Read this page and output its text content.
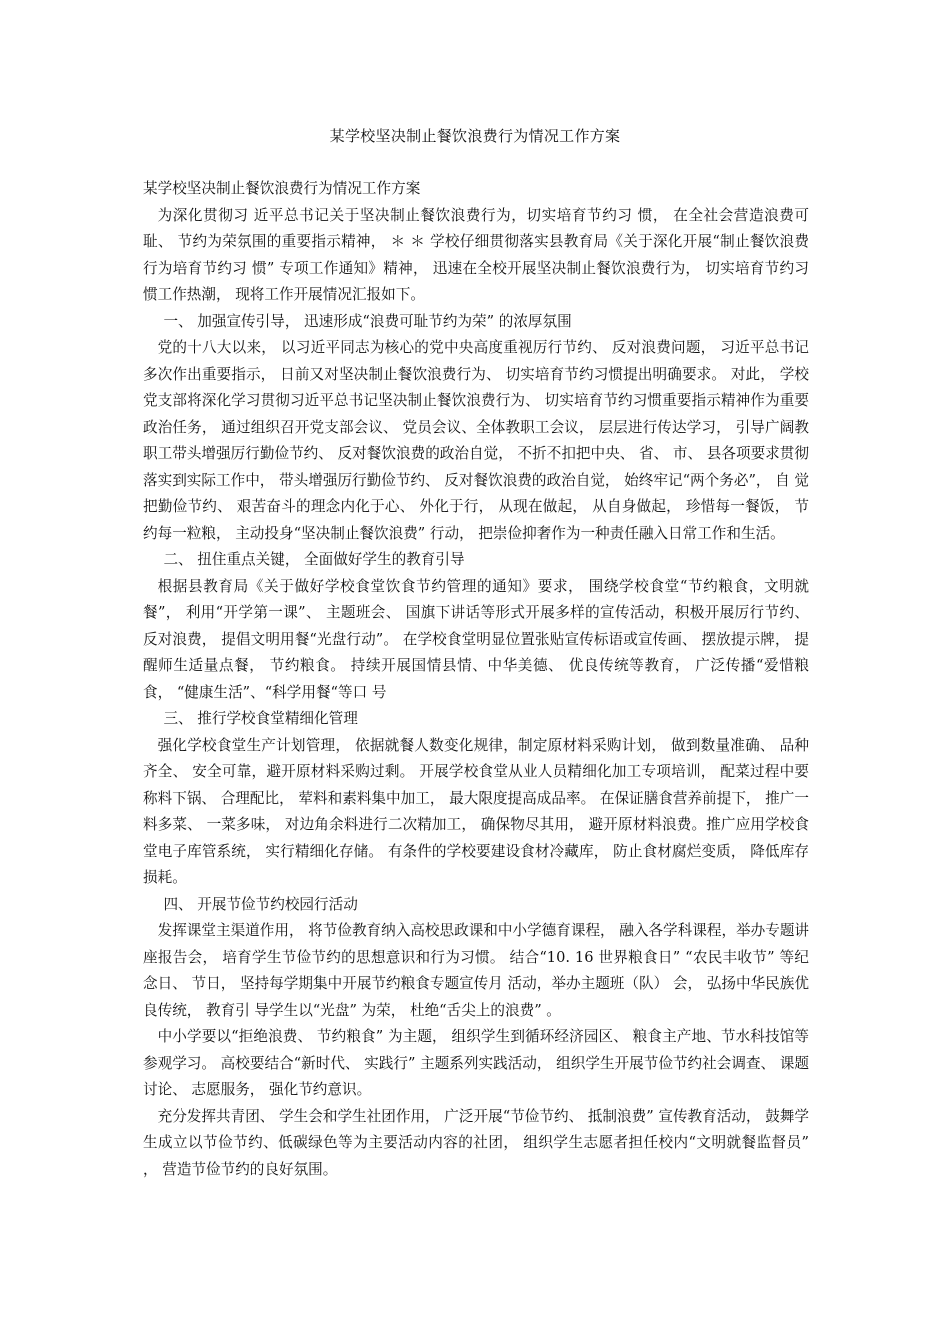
某学校坚决制止餐饮浪费行为情况工作方案

某学校坚决制止餐饮浪费行为情况工作方案

为深化贯彻习 近平总书记关于坚决制止餐饮浪费行为，切实培育节约习 惯， 在全社会营造浪费可耻、 节约为荣氛围的重要指示精神， ＊ ＊ 学校仔细贯彻落实县教育局《关于深化开展“制止餐饮浪费行为培育节约习 惯” 专项工作通知》精神， 迅速在全校开展坚决制止餐饮浪费行为， 切实培育节约习惯工作热潮， 现将工作开展情况汇报如下。

一、 加强宣传引导， 迅速形成“浪费可耻节约为荣” 的浓厚氛围

党的十八大以来， 以习近平同志为核心的党中央高度重视厉行节约、 反对浪费问题， 习近平总书记多次作出重要指示， 日前又对坚决制止餐饮浪费行为、 切实培育节约习惯提出明确要求。 对此， 学校党支部将深化学习贯彻习近平总书记坚决制止餐饮浪费行为、 切实培育节约习惯重要指示精神作为重要政治任务， 通过组织召开党支部会议、 党员会议、全体教职工会议， 层层进行传达学习， 引导广阔教职工带头增强厉行勤俭节约、 反对餐饮浪费的政治自觉， 不折不扣把中央、 省、 市、 县各项要求贯彻落实到实际工作中， 带头增强厉行勤俭节约、 反对餐饮浪费的政治自觉， 始终牢记“两个务必”， 自 觉把勤俭节约、 艰苦奋斗的理念内化于心、 外化于行， 从现在做起， 从自身做起， 珍惜每一餐饭， 节约每一粒粮， 主动投身“坚决制止餐饮浪费” 行动， 把崇俭抑奢作为一种责任融入日常工作和生活。

二、 扭住重点关键， 全面做好学生的教育引导

根据县教育局《关于做好学校食堂饮食节约管理的通知》要求， 围绕学校食堂“节约粮食，文明就餐”， 利用“开学第一课”、 主题班会、 国旗下讲话等形式开展多样的宣传活动，积极开展厉行节约、 反对浪费， 提倡文明用餐“光盘行动”。 在学校食堂明显位置张贴宣传标语或宣传画、 摆放提示牌， 提醒师生适量点餐， 节约粮食。 持续开展国情县情、中华美德、 优良传统等教育， 广泛传播“爱惜粮食， “健康生活”、“科学用餐“等口 号

三、 推行学校食堂精细化管理

强化学校食堂生产计划管理， 依据就餐人数变化规律，制定原材料采购计划， 做到数量准确、 品种齐全、 安全可靠，避开原材料采购过剩。 开展学校食堂从业人员精细化加工专项培训， 配菜过程中要称料下锅、 合理配比， 荤料和素料集中加工， 最大限度提高成品率。 在保证膳食营养前提下， 推广一料多菜、 一菜多味， 对边角余料进行二次精加工， 确保物尽其用， 避开原材料浪费。推广应用学校食堂电子库管系统， 实行精细化存储。 有条件的学校要建设食材冷藏库， 防止食材腐烂变质， 降低库存损耗。

四、 开展节俭节约校园行活动

发挥课堂主渠道作用， 将节俭教育纳入高校思政课和中小学德育课程， 融入各学科课程，举办专题讲座报告会， 培育学生节俭节约的思想意识和行为习惯。 结合“10. 16 世界粮食日” “农民丰收节” 等纪念日、 节日， 坚持每学期集中开展节约粮食专题宣传月 活动，举办主题班（队） 会， 弘扬中华民族优良传统， 教育引 导学生以“光盘” 为荣， 杜绝“舌尖上的浪费” 。

中小学要以“拒绝浪费、 节约粮食” 为主题， 组织学生到循环经济园区、 粮食主产地、节水科技馆等参观学习。 高校要结合“新时代、 实践行” 主题系列实践活动， 组织学生开展节俭节约社会调查、 课题讨论、 志愿服务， 强化节约意识。

充分发挥共青团、 学生会和学生社团作用， 广泛开展“节俭节约、 抵制浪费” 宣传教育活动， 鼓舞学生成立以节俭节约、低碳绿色等为主要活动内容的社团， 组织学生志愿者担任校内“文明就餐监督员” ， 营造节俭节约的良好氛围。
